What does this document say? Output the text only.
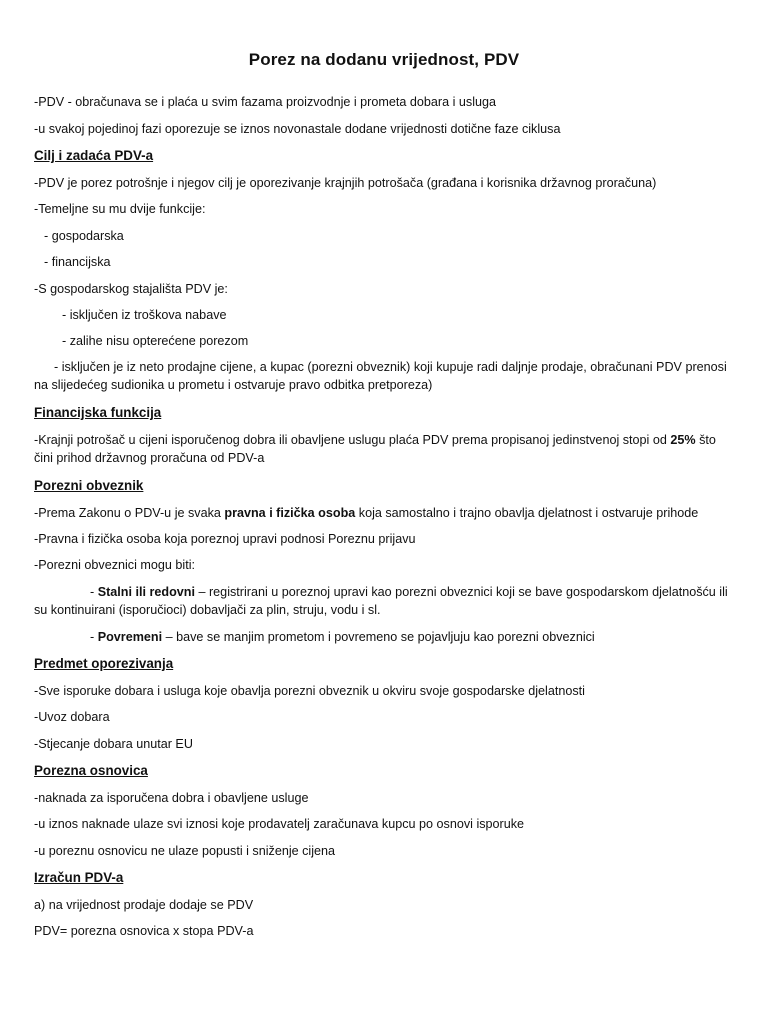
Porez na dodanu vrijednost, PDV

-PDV - obračunava se i plaća u svim fazama proizvodnje i prometa dobara i usluga

-u svakoj pojedinoj fazi oporezuje se iznos novonastale dodane vrijednosti dotične faze ciklusa

Cilj i zadaća PDV-a

-PDV je porez potrošnje i njegov cilj je oporezivanje krajnjih potrošača (građana i korisnika državnog proračuna)

-Temeljne su mu dvije funkcije:

- gospodarska

- financijska

-S gospodarskog stajališta PDV je:

- isključen iz troškova nabave

- zalihe nisu opterećene porezom

- isključen je iz neto prodajne cijene, a kupac (porezni obveznik) koji kupuje radi daljnje prodaje, obračunani PDV prenosi na slijedećeg sudionika u prometu i ostvaruje pravo odbitka pretporeza)

Financijska funkcija

-Krajnji potrošač u cijeni isporučenog dobra ili obavljene uslugu plaća PDV prema propisanoj jedinstvenoj stopi od 25% što čini prihod državnog proračuna od PDV-a

Porezni obveznik

-Prema Zakonu o PDV-u je svaka pravna i fizička osoba koja samostalno i trajno obavlja djelatnost i ostvaruje prihode

-Pravna i fizička osoba koja poreznoj upravi podnosi Poreznu prijavu

-Porezni obveznici mogu biti:

- Stalni ili redovni – registrirani u poreznoj upravi kao porezni obveznici koji se bave gospodarskom djelatnošću ili su kontinuirani (isporučioci) dobavljači za plin, struju, vodu i sl.

- Povremeni – bave se manjim prometom i povremeno se pojavljuju kao porezni obveznici

Predmet oporezivanja

-Sve isporuke dobara i usluga koje obavlja porezni obveznik u okviru svoje gospodarske djelatnosti

-Uvoz dobara

-Stjecanje dobara unutar EU

Porezna osnovica

-naknada za isporučena dobra i obavljene usluge

-u iznos naknade ulaze svi iznosi koje prodavatelj zaračunava kupcu po osnovi isporuke

-u poreznu osnovicu ne ulaze popusti i sniženje cijena

Izračun PDV-a

a) na vrijednost prodaje dodaje se PDV

PDV= porezna osnovica x stopa PDV-a
